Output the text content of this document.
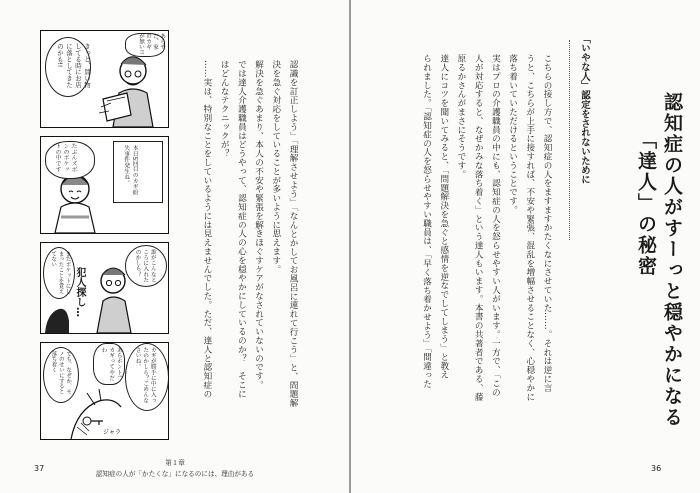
きっと、買い物してる時にお店に落としてきたのかも!!
あらやだ、家のカギが無い!!
たぶんズボンのポケットの中です	本日5回目のカギ紛失事件発生ね。
誰がこんなところに入れたのかしら？
またポケットにしまったことを覚えてない
犯人探し…
カギが勝手に中に入ったのかしら？ごめんなさいね。
あらホント!カギってやだわ
でも、なぜか、モノのせいにすると落ち着く
ジャラ
認識を訂正しよう」「理解させよう」「なんとかしてお風呂に連れて行こう」と、問題解
決を急ぐ対応をしていることが多いように思えます。
解決を急ぐあまり、本人の不安や緊張を解きほぐすケアがなされていないのです。
では達人介護職員はどうやって、認知症の人の心を穏やかにしているのか？　そこに
はどんなテクニックが？
……実は、特別なことをしているようには見えませんでした。ただ、達人と認知症の
37
第１章
認知症の人が「かたくな」になるのには、理由がある
認知症の人がすーっと穏やかになる
「達人」の秘密
「いやな人」認定をされないために
こちらの接し方で、認知症の人をますますかたくなにさせていた……。それは逆に言
うと、こちらが上手に接すれば、不安や緊張、混乱を増幅させることなく、心穏やかに
落ち着いていただけるということです。
実はプロの介護職員の中にも、認知症の人を怒らせやすい人がいます。一方で、「この
人が対応すると、なぜかみな落ち着く」という達人もいます。本書の共著者である、藤
原るかさんがまさにそうです。
達人にコツを聞いてみると、「問題解決を急ぐと感情を逆なでしてしまう」と教え
られました。「認知症の人を怒らせやすい職員は、「早く落ち着かせよう」「間違った
36
